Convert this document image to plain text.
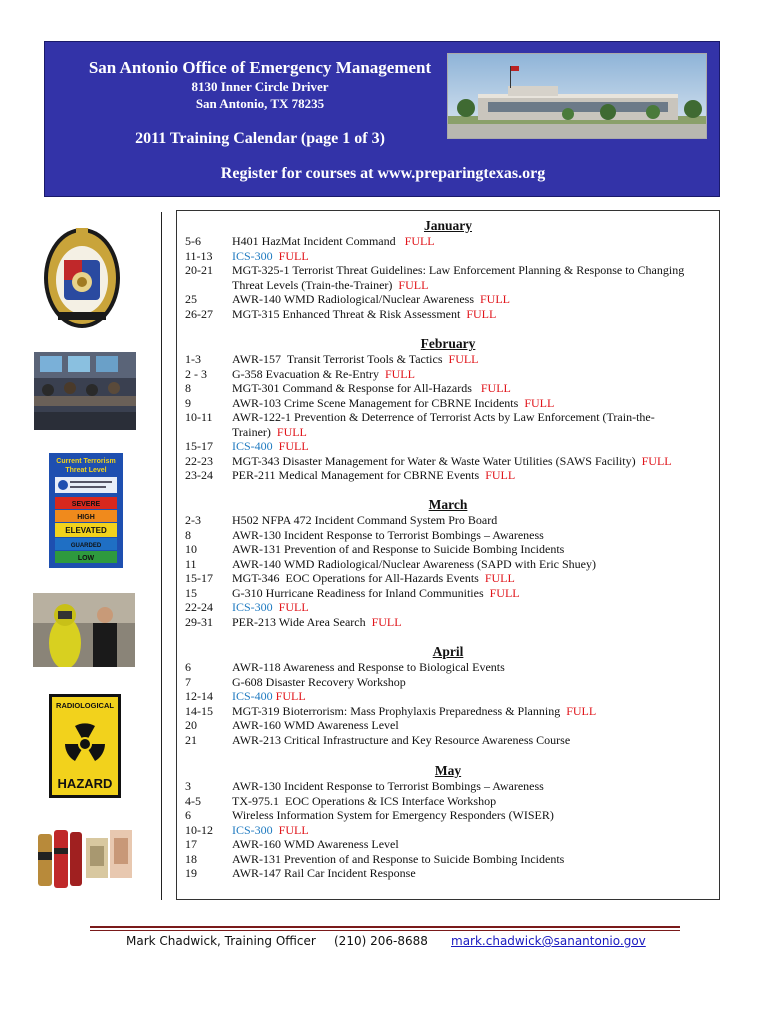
San Antonio Office of Emergency Management
8130 Inner Circle Driver
San Antonio, TX 78235
2011 Training Calendar (page 1 of 3)
Register for courses at www.preparingtexas.org
Current Terrorism
Threat Level
SEVERE
HIGH
ELEVATED
GUARDED
LOW
RADIOLOGICAL
HAZARD
January
5-6	H401 HazMat Incident Command   FULL
11-13	ICS-300 FULL
20-21	MGT-325-1 Terrorist Threat Guidelines: Law Enforcement Planning & Response to Changing
Threat Levels (Train-the-Trainer)  FULL
25	AWR-140 WMD Radiological/Nuclear Awareness  FULL
26-27	MGT-315 Enhanced Threat & Risk Assessment  FULL
February
1-3	AWR-157  Transit Terrorist Tools & Tactics  FULL
2 - 3	G-358 Evacuation & Re-Entry  FULL
8	MGT-301 Command & Response for All-Hazards   FULL
9	AWR-103 Crime Scene Management for CBRNE Incidents  FULL
10-11	AWR-122-1 Prevention & Deterrence of Terrorist Acts by Law Enforcement (Train-the-
Trainer)  FULL
15-17	ICS-400 FULL
22-23	MGT-343 Disaster Management for Water & Waste Water Utilities (SAWS Facility)  FULL
23-24	PER-211 Medical Management for CBRNE Events  FULL
March
2-3	H502 NFPA 472 Incident Command System Pro Board
8	AWR-130 Incident Response to Terrorist Bombings – Awareness
10	AWR-131 Prevention of and Response to Suicide Bombing Incidents
11	AWR-140 WMD Radiological/Nuclear Awareness (SAPD with Eric Shuey)
15-17	MGT-346  EOC Operations for All-Hazards Events  FULL
15	G-310 Hurricane Readiness for Inland Communities  FULL
22-24	ICS-300 FULL
29-31	PER-213 Wide Area Search  FULL
April
6	AWR-118 Awareness and Response to Biological Events
7	G-608 Disaster Recovery Workshop
12-14	ICS-400 FULL
14-15	MGT-319 Bioterrorism: Mass Prophylaxis Preparedness & Planning  FULL
20	AWR-160 WMD Awareness Level
21	AWR-213 Critical Infrastructure and Key Resource Awareness Course
May
3	AWR-130 Incident Response to Terrorist Bombings – Awareness
4-5	TX-975.1  EOC Operations & ICS Interface Workshop
6	Wireless Information System for Emergency Responders (WISER)
10-12	ICS-300 FULL
17	AWR-160 WMD Awareness Level
18	AWR-131 Prevention of and Response to Suicide Bombing Incidents
19	AWR-147 Rail Car Incident Response
Mark Chadwick, Training Officer (210) 206-8688 mark.chadwick@sanantonio.gov
